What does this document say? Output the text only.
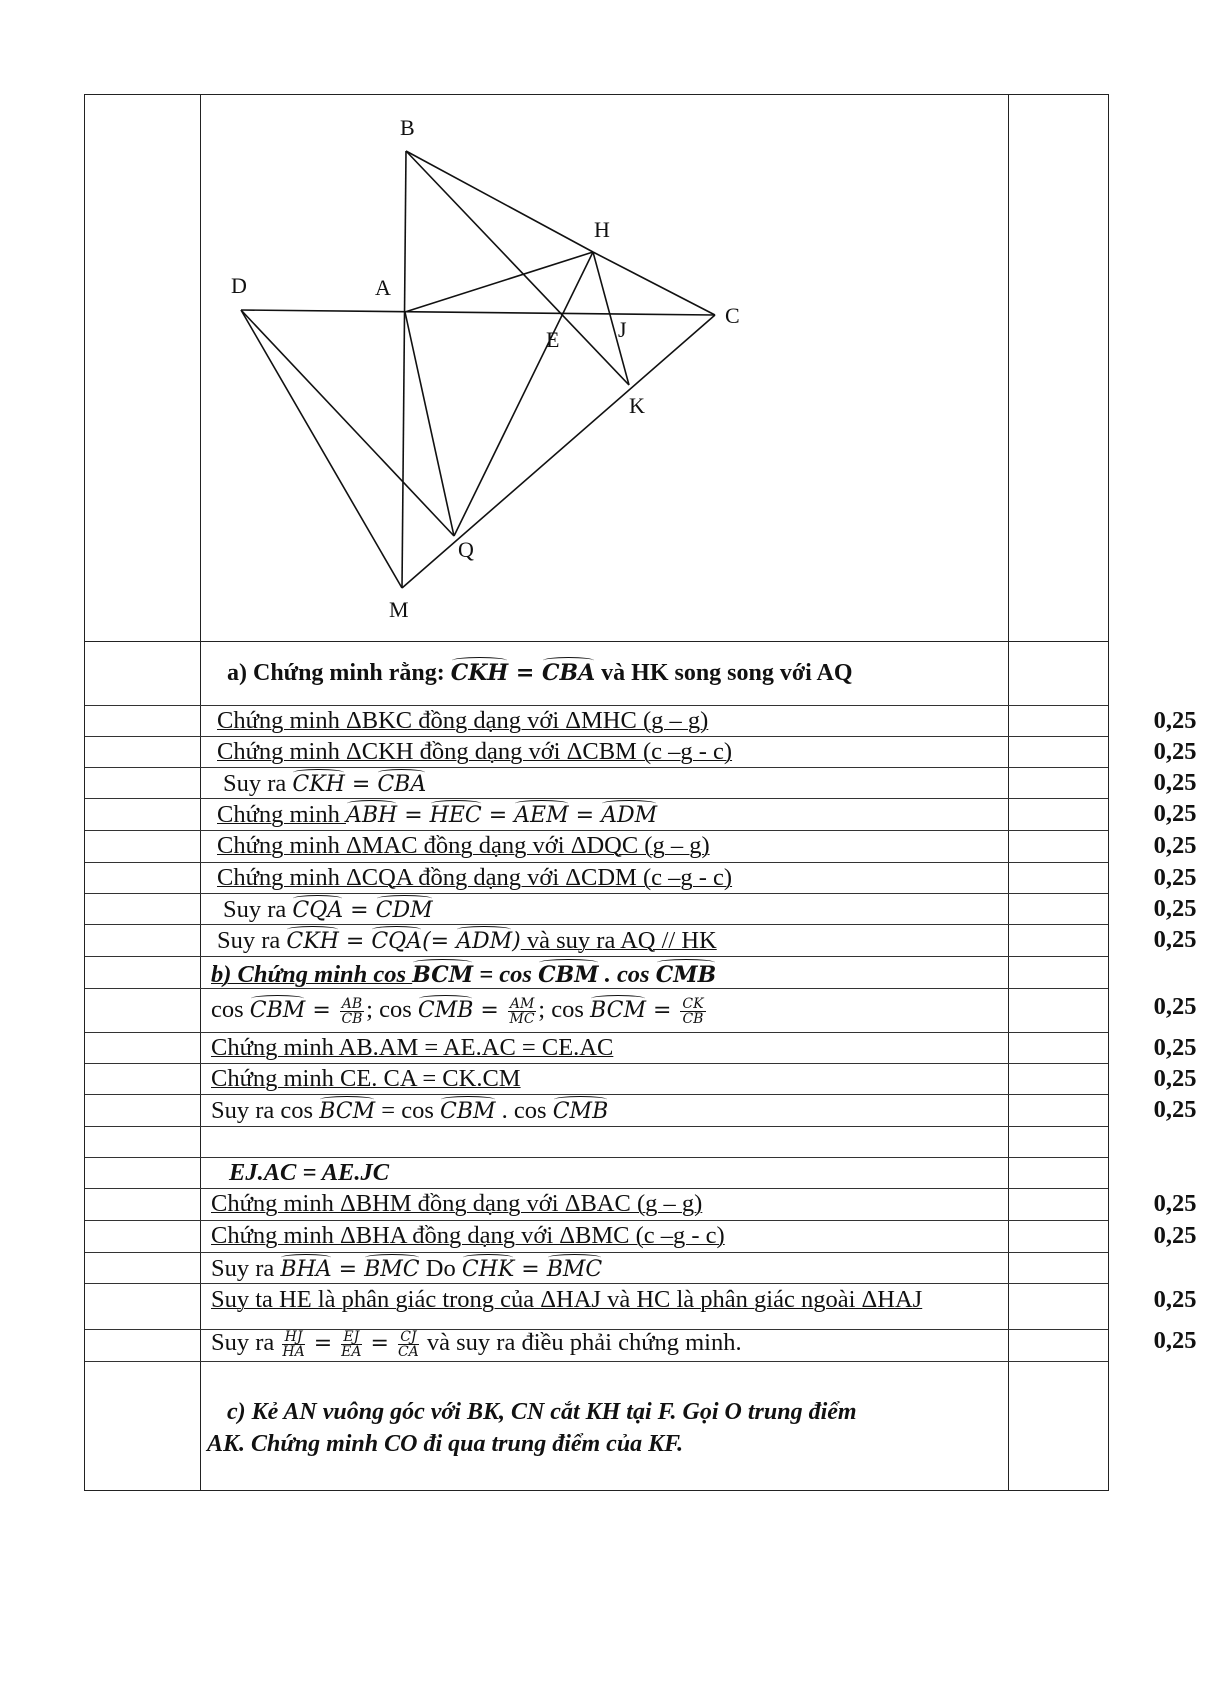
B
H
D	A
C
E	J
K
Q
M
a) Chứng minh rằng: CKH = CBA và HK song song với AQ
Chứng minh ΔBKC đồng dạng với ΔMHC (g – g)	0,25
Chứng minh ΔCKH đồng dạng với ΔCBM (c –g - c)	0,25
Suy ra CKH = CBA	0,25
Chứng minh ABH = HEC = AEM = ADM	0,25
Chứng minh ΔMAC đồng dạng với ΔDQC (g – g)	0,25
Chứng minh ΔCQA đồng dạng với ΔCDM (c –g - c)	0,25
Suy ra CQA = CDM	0,25
Suy ra CKH = CQA(= ADM) và suy ra AQ // HK	0,25
b) Chứng minh cos BCM = cos CBM . cos CMB
cos CBM = $\frac{AB}{CB}$ ; cos CMB = $\frac{AM}{MC}$ ; cos BCM = $\frac{CK}{CB}$	0,25
Chứng minh AB.AM = AE.AC = CE.AC	0,25
Chứng minh CE. CA = CK.CM	0,25
Suy ra cos BCM = cos CBM . cos CMB	0,25
EJ.AC = AE.JC
Chứng minh ΔBHM đồng dạng với ΔBAC (g – g)	0,25
Chứng minh ΔBHA đồng dạng với ΔBMC (c –g - c)	0,25
Suy ra BHA = BMC Do CHK = BMC
Suy ta HE là phân giác trong của ΔHAJ và HC là phân giác ngoài ΔHAJ	0,25
Suy ra $\frac{HJ}{HA} = \frac{EJ}{EA} = \frac{CJ}{CA}$ và suy ra điều phải chứng minh.	0,25
c) Kẻ AN vuông góc với BK, CN cắt KH tại F. Gọi O trung điểm
AK. Chứng minh CO đi qua trung điểm của KF.
